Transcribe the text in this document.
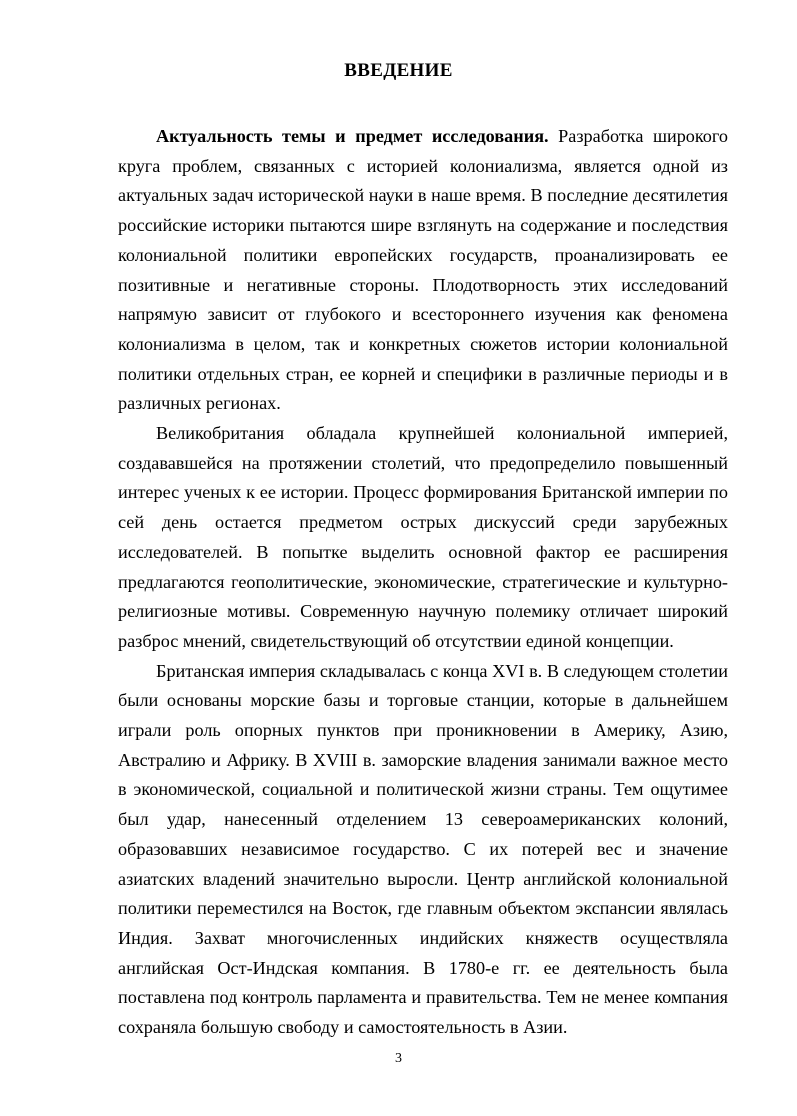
ВВЕДЕНИЕ

Актуальность темы и предмет исследования. Разработка широкого круга проблем, связанных с историей колониализма, является одной из актуальных задач исторической науки в наше время. В последние десятилетия российские историки пытаются шире взглянуть на содержание и последствия колониальной политики европейских государств, проанализировать ее позитивные и негативные стороны. Плодотворность этих исследований напрямую зависит от глубокого и всестороннего изучения как феномена колониализма в целом, так и конкретных сюжетов истории колониальной политики отдельных стран, ее корней и специфики в различные периоды и в различных регионах.

Великобритания обладала крупнейшей колониальной империей, создававшейся на протяжении столетий, что предопределило повышенный интерес ученых к ее истории. Процесс формирования Британской империи по сей день остается предметом острых дискуссий среди зарубежных исследователей. В попытке выделить основной фактор ее расширения предлагаются геополитические, экономические, стратегические и культурно-религиозные мотивы. Современную научную полемику отличает широкий разброс мнений, свидетельствующий об отсутствии единой концепции.

Британская империя складывалась с конца XVI в. В следующем столетии были основаны морские базы и торговые станции, которые в дальнейшем играли роль опорных пунктов при проникновении в Америку, Азию, Австралию и Африку. В XVIII в. заморские владения занимали важное место в экономической, социальной и политической жизни страны. Тем ощутимее был удар, нанесенный отделением 13 североамериканских колоний, образовавших независимое государство. С их потерей вес и значение азиатских владений значительно выросли. Центр английской колониальной политики переместился на Восток, где главным объектом экспансии являлась Индия. Захват многочисленных индийских княжеств осуществляла английская Ост-Индская компания. В 1780-е гг. ее деятельность была поставлена под контроль парламента и правительства. Тем не менее компания сохраняла большую свободу и самостоятельность в Азии.

3
